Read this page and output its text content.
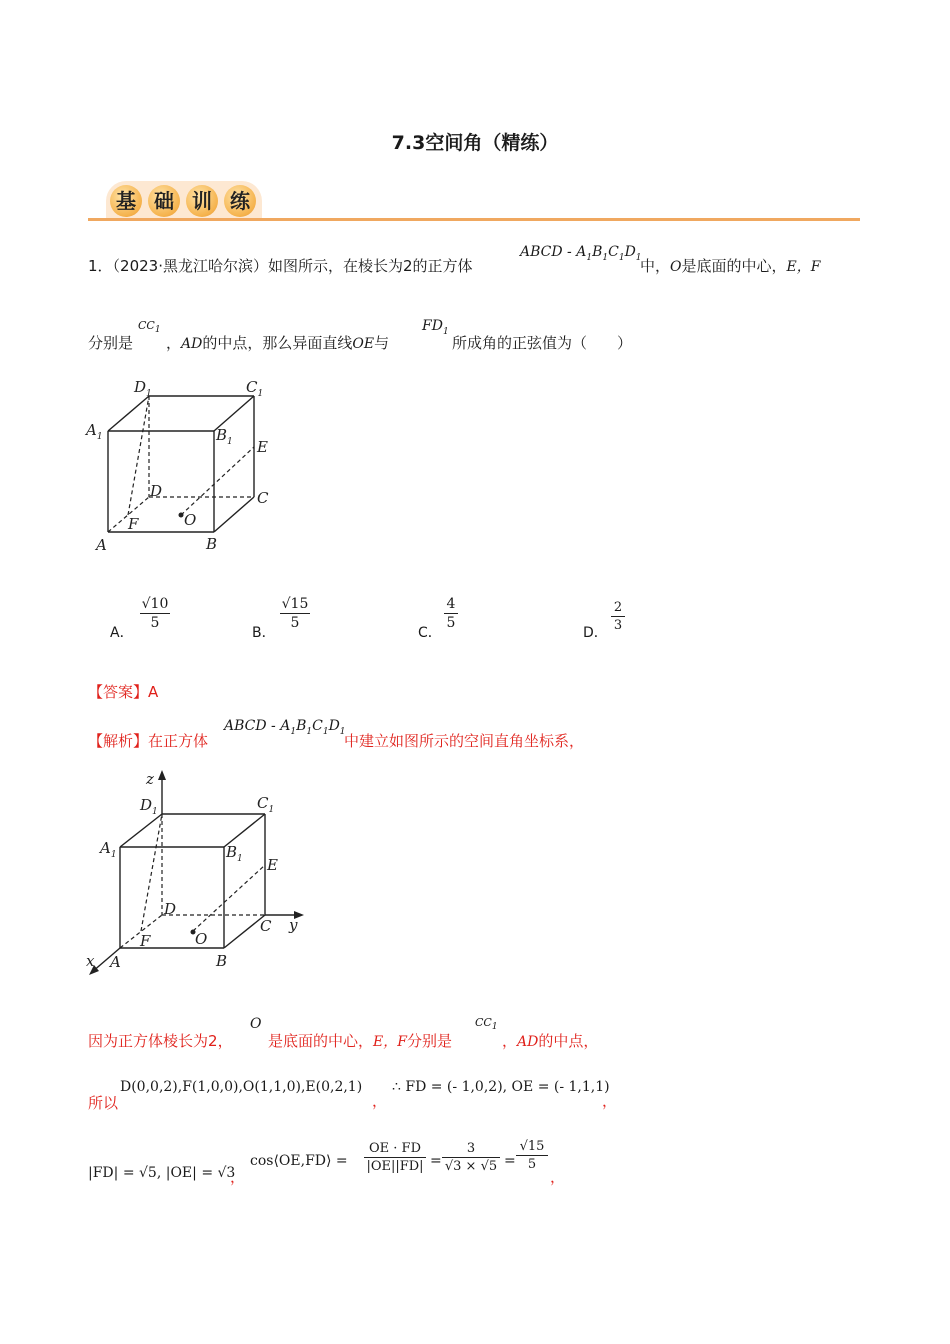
7.3空间角（精练）
基 础 训 练
1．（2023·黑龙江哈尔滨）如图所示，在棱长为2的正方体
ABCD - $A_1B_1C_1D_1$
中，O是底面的中心，E，F
分别是
$CC_1$
，AD的中点，那么异面直线OE与
$FD_1$
所成角的正弦值为（　　）
$D_1$	$C_1$
$A_1$	$B_1$ E
D	C
F	O
A	B
A．
√10
5
B．
√15
5
C．
4
5
D．
2
3
【答案】A
【解析】在正方体
ABCD - $A_1B_1C_1D_1$
中建立如图所示的空间直角坐标系，
z
y
x
$D_1$	$C_1$
$A_1$	$B_1$ E
D
C
F	O
A	B
因为正方体棱长为2，
O
是底面的中心，E，F分别是
$CC_1$
，AD的中点，
所以
D(0,0,2),F(1,0,0),O(1,1,0),E(0,2,1)
，
∴ FD = (- 1,0,2), OE = (- 1,1,1)
，
|FD| = √5, |OE| = √3
，
cos⟨OE,FD⟩ =
OE · FD
|OE||FD| =
3
√3 × √5 =
√15
5
，
